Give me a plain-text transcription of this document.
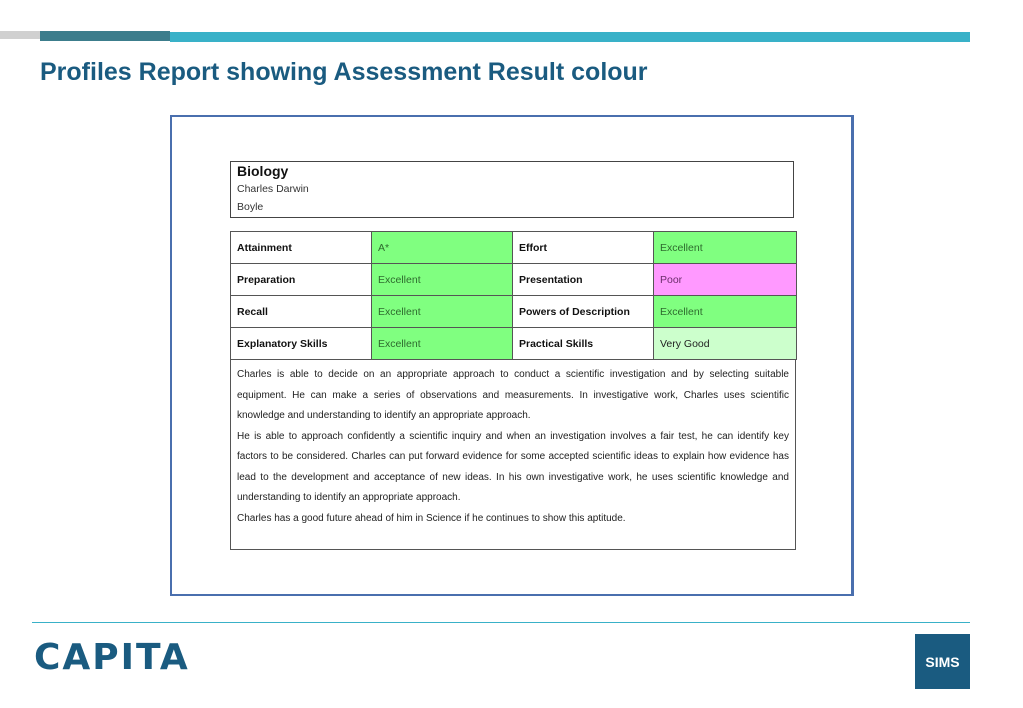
Profiles Report showing Assessment Result colour
Biology
Charles Darwin
Boyle
Attainment	A*	Effort	Excellent
Preparation	Excellent	Presentation	Poor
Recall	Excellent	Powers of Description	Excellent
Explanatory Skills	Excellent	Practical Skills	Very Good

Charles is able to decide on an appropriate approach to conduct a scientific investigation and by selecting suitable equipment. He can make a series of observations and measurements. In investigative work, Charles uses scientific knowledge and understanding to identify an appropriate approach.

He is able to approach confidently a scientific inquiry and when an investigation involves a fair test, he can identify key factors to be considered. Charles can put forward evidence for some accepted scientific ideas to explain how evidence has lead to the development and acceptance of new ideas. In his own investigative work, he uses scientific knowledge and understanding to identify an appropriate approach.

Charles has a good future ahead of him in Science if he continues to show this aptitude.

CAPITA	SIMS
